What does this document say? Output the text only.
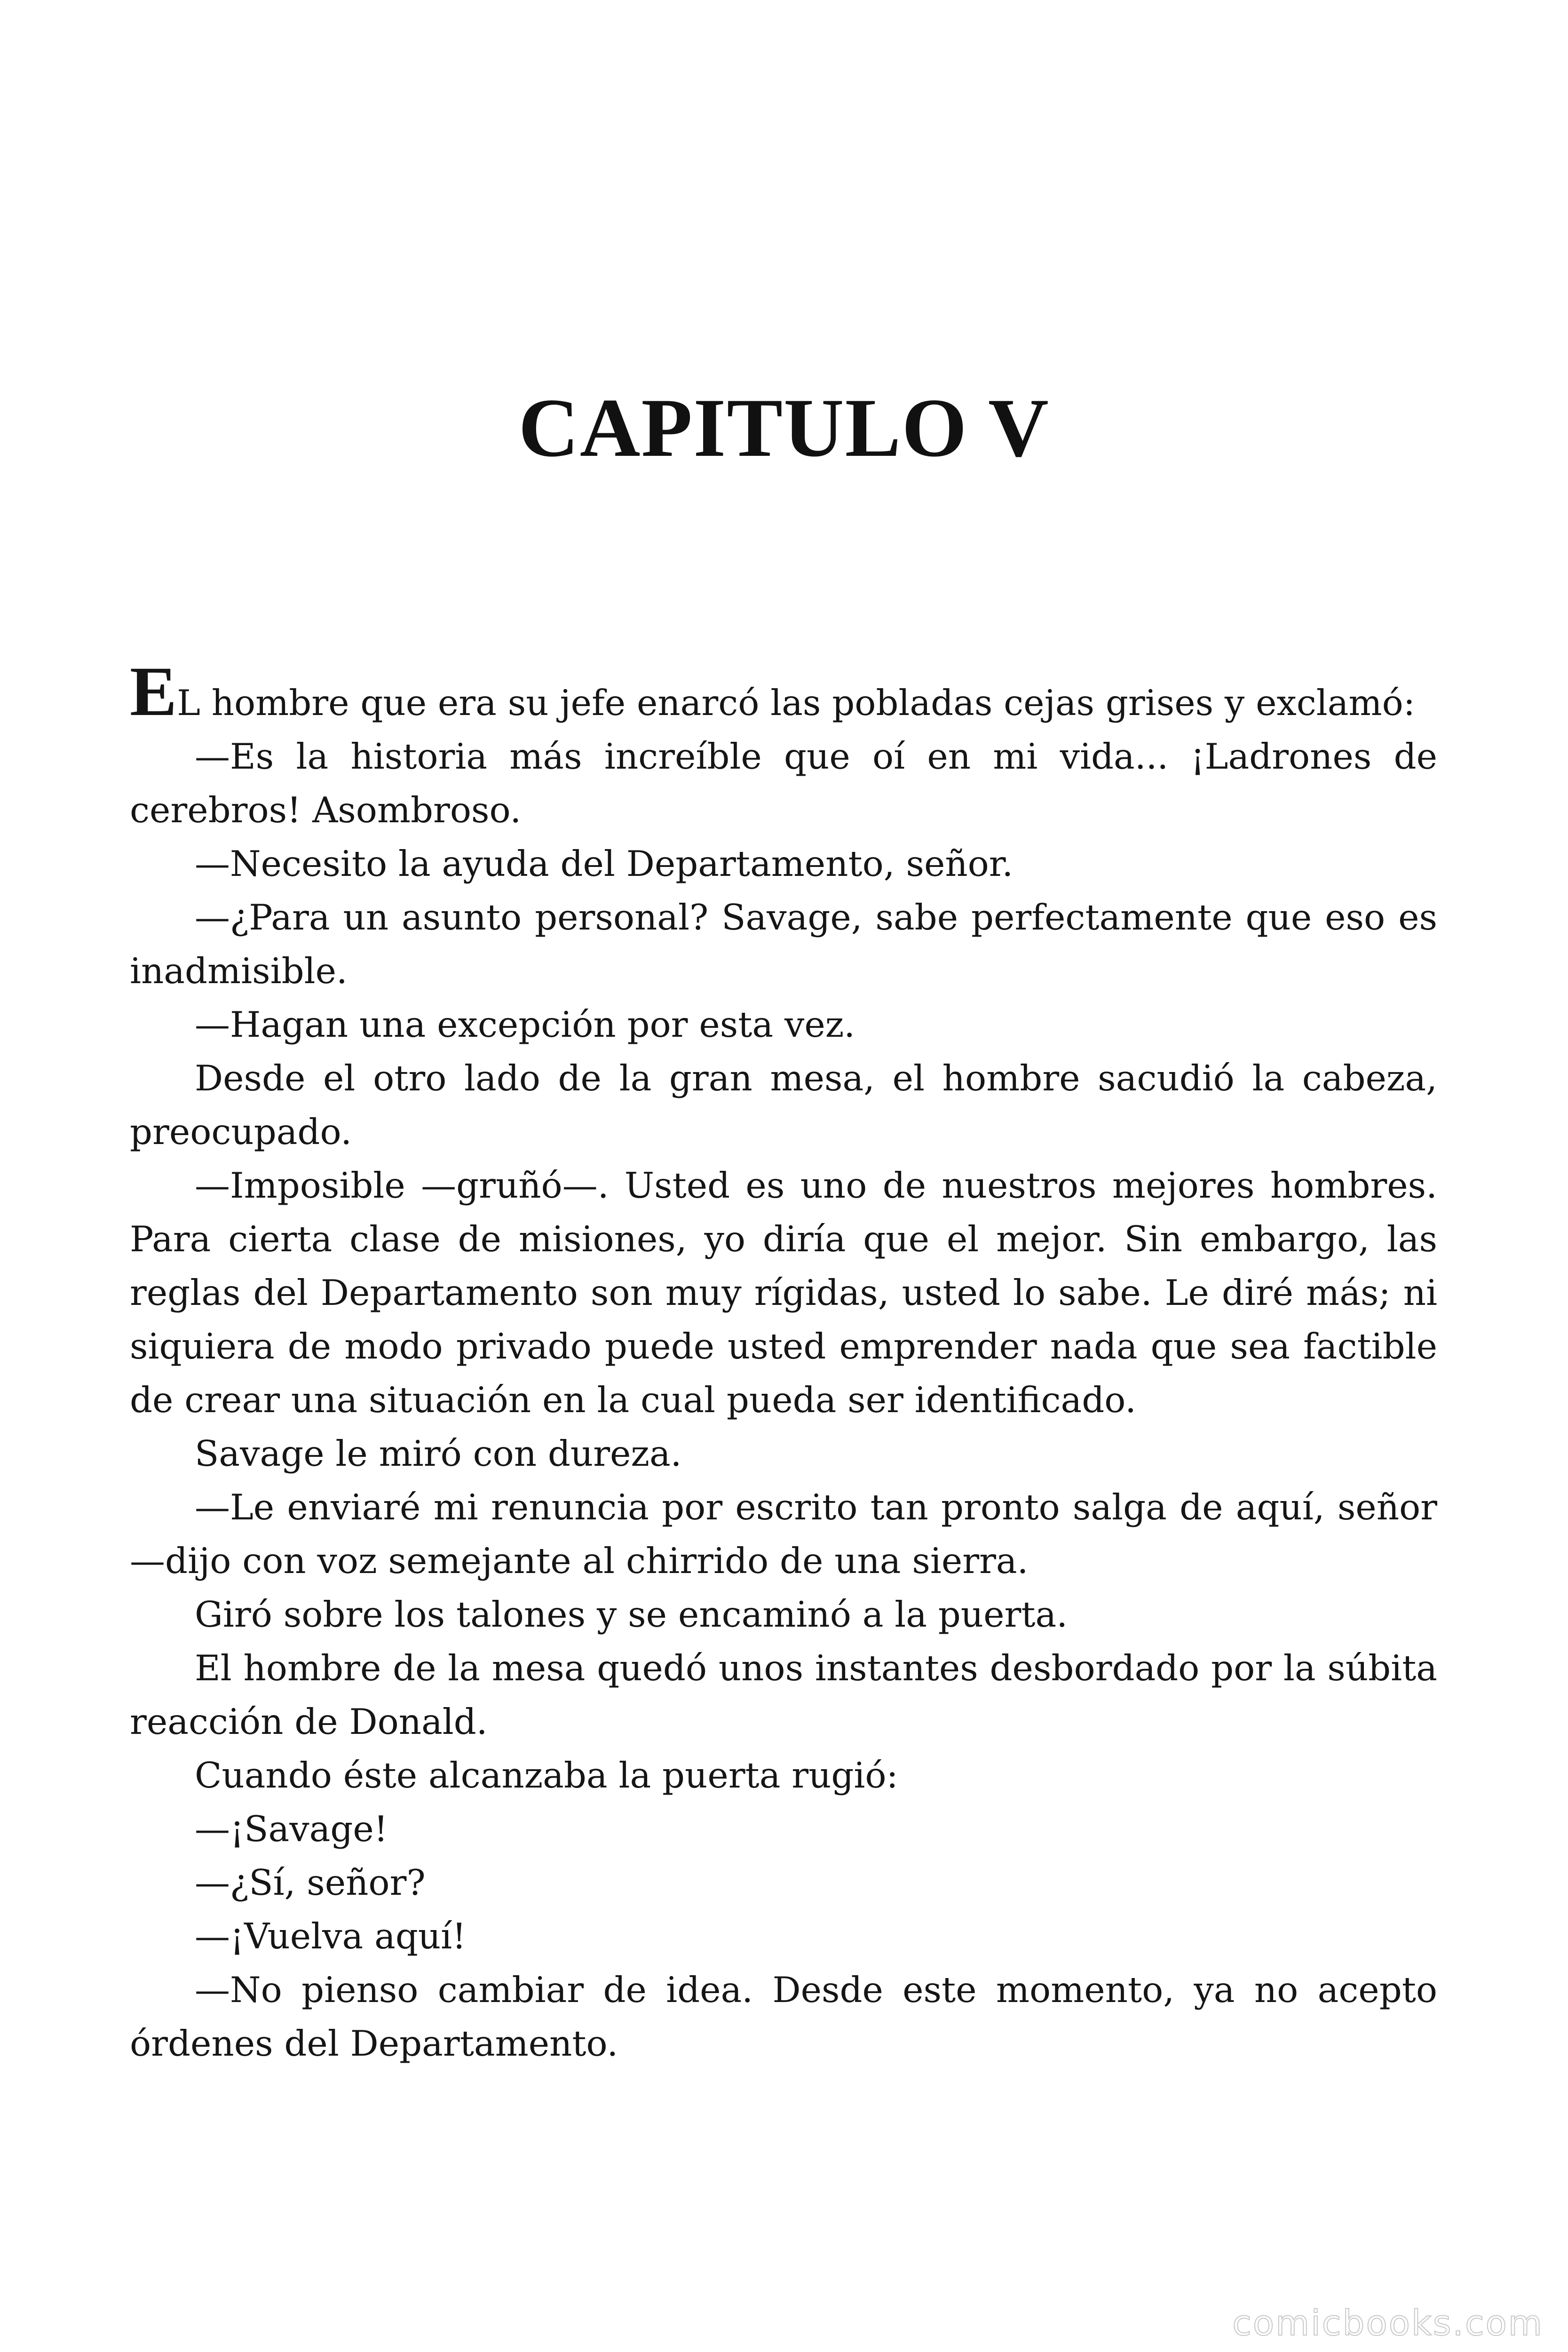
CAPITULO V

EL hombre que era su jefe enarcó las pobladas cejas grises y exclamó:

—Es la historia más increíble que oí en mi vida... ¡Ladrones de cerebros! Asombroso.

—Necesito la ayuda del Departamento, señor.

—¿Para un asunto personal? Savage, sabe perfectamente que eso es inadmisible.

—Hagan una excepción por esta vez.

Desde el otro lado de la gran mesa, el hombre sacudió la cabeza, preocupado.

—Imposible —gruñó—. Usted es uno de nuestros mejores hombres. Para cierta clase de misiones, yo diría que el mejor. Sin embargo, las reglas del Departamento son muy rígidas, usted lo sabe. Le diré más; ni siquiera de modo privado puede usted emprender nada que sea factible de crear una situación en la cual pueda ser identificado.

Savage le miró con dureza.

—Le enviaré mi renuncia por escrito tan pronto salga de aquí, señor —dijo con voz semejante al chirrido de una sierra.

Giró sobre los talones y se encaminó a la puerta.

El hombre de la mesa quedó unos instantes desbordado por la súbita reacción de Donald.

Cuando éste alcanzaba la puerta rugió:

—¡Savage!

—¿Sí, señor?

—¡Vuelva aquí!

—No pienso cambiar de idea. Desde este momento, ya no acepto órdenes del Departamento.

comicbooks.com
